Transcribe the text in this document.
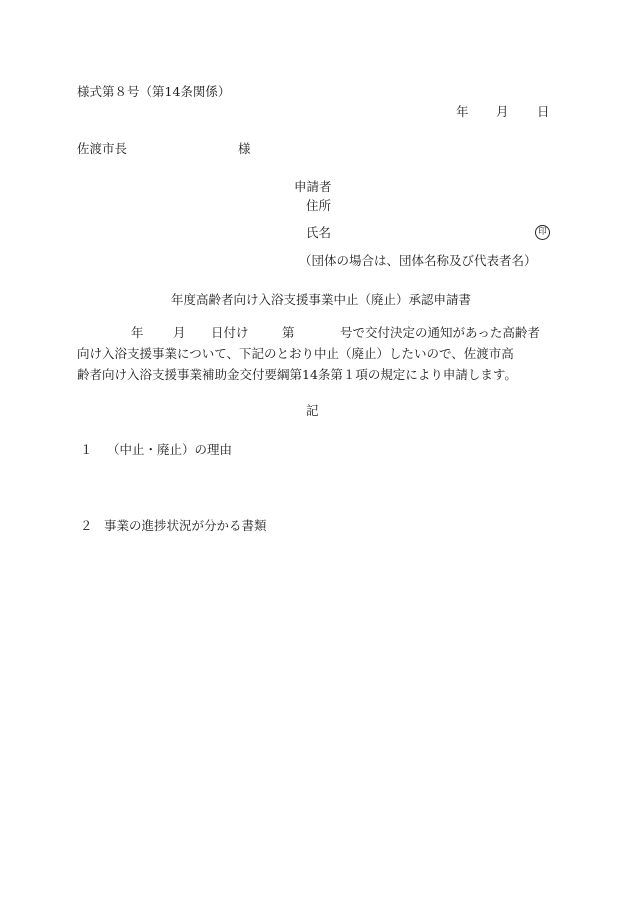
様式第８号（第14条関係）
年 月 日
佐渡市長	様
申請者
住所
氏名	印
（団体の場合は、団体名称及び代表者名）
年度高齢者向け入浴支援事業中止（廃止）承認申請書
年 月 日付け	第	号で交付決定の通知があった高齢者
向け入浴支援事業について、下記のとおり中止（廃止）したいので、佐渡市高
齢者向け入浴支援事業補助金交付要綱第14条第１項の規定により申請します。
記
１ （中止・廃止）の理由
２ 事業の進捗状況が分かる書類
